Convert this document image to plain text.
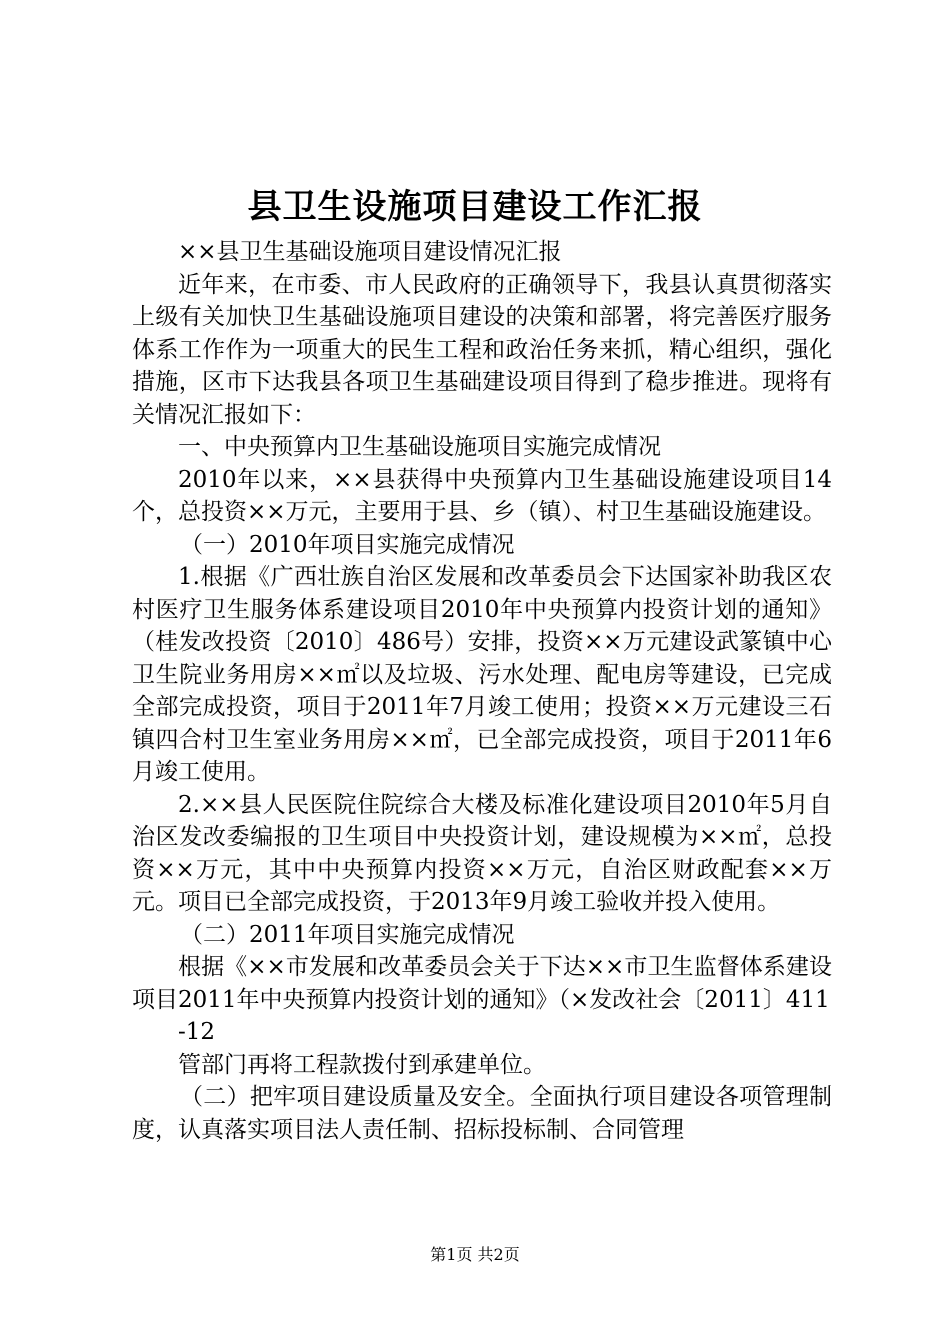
县卫生设施项目建设工作汇报

××县卫生基础设施项目建设情况汇报

近年来，在市委、市人民政府的正确领导下，我县认真贯彻落实上级有关加快卫生基础设施项目建设的决策和部署，将完善医疗服务体系工作作为一项重大的民生工程和政治任务来抓，精心组织，强化措施，区市下达我县各项卫生基础建设项目得到了稳步推进。现将有关情况汇报如下：

一、中央预算内卫生基础设施项目实施完成情况

2010年以来，××县获得中央预算内卫生基础设施建设项目14个，总投资××万元，主要用于县、乡（镇）、村卫生基础设施建设。

（一）2010年项目实施完成情况

1.根据《广西壮族自治区发展和改革委员会下达国家补助我区农村医疗卫生服务体系建设项目2010年中央预算内投资计划的通知》（桂发改投资〔2010〕486号）安排，投资××万元建设武篆镇中心卫生院业务用房××㎡以及垃圾、污水处理、配电房等建设，已完成全部完成投资，项目于2011年7月竣工使用；投资××万元建设三石镇四合村卫生室业务用房××㎡，已全部完成投资，项目于2011年6月竣工使用。

2.××县人民医院住院综合大楼及标准化建设项目2010年5月自治区发改委编报的卫生项目中央投资计划，建设规模为××㎡，总投资××万元，其中中央预算内投资××万元，自治区财政配套××万元。项目已全部完成投资，于2013年9月竣工验收并投入使用。

（二）2011年项目实施完成情况

根据《××市发展和改革委员会关于下达××市卫生监督体系建设项目2011年中央预算内投资计划的通知》（×发改社会〔2011〕411

-12

管部门再将工程款拨付到承建单位。

（二）把牢项目建设质量及安全。全面执行项目建设各项管理制度，认真落实项目法人责任制、招标投标制、合同管理

第1页 共2页
